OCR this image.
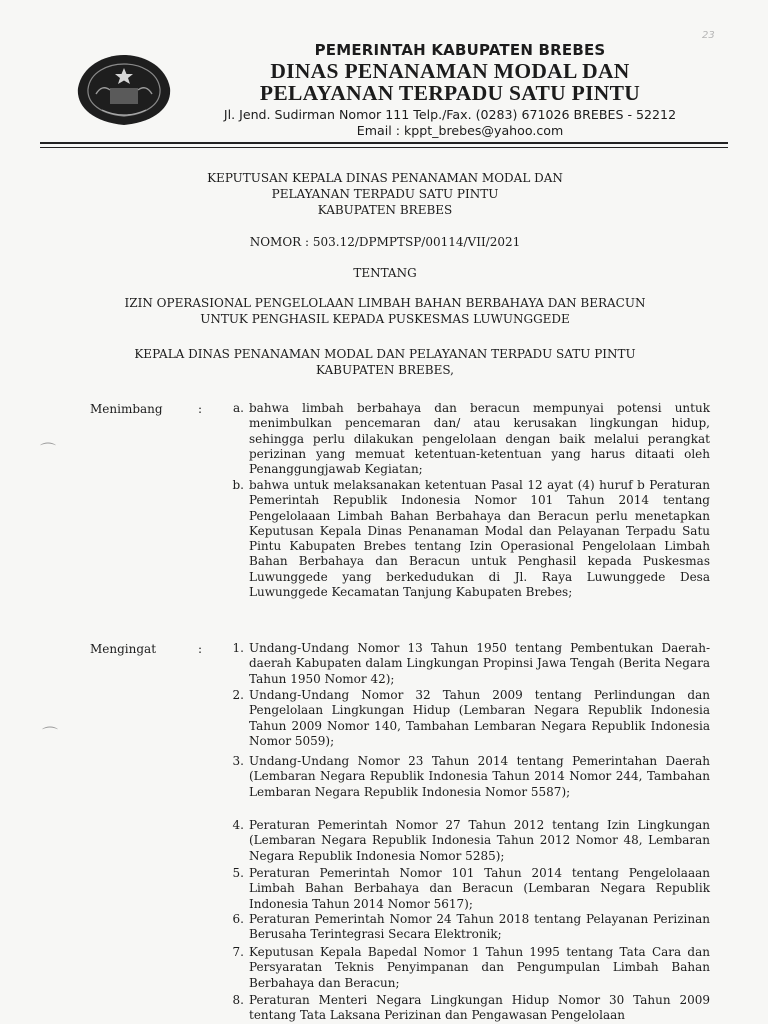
PEMERINTAH KABUPATEN BREBES
DINAS PENANAMAN MODAL DAN
PELAYANAN TERPADU SATU PINTU
Jl. Jend. Sudirman Nomor 111 Telp./Fax. (0283) 671026 BREBES - 52212
Email : kppt_brebes@yahoo.com
23
KEPUTUSAN KEPALA DINAS PENANAMAN MODAL DAN
PELAYANAN TERPADU SATU PINTU
KABUPATEN BREBES
NOMOR : 503.12/DPMPTSP/00114/VII/2021
TENTANG
IZIN OPERASIONAL PENGELOLAAN LIMBAH BAHAN BERBAHAYA DAN BERACUN
UNTUK PENGHASIL KEPADA PUSKESMAS LUWUNGGEDE
KEPALA DINAS PENANAMAN MODAL DAN PELAYANAN TERPADU SATU PINTU
KABUPATEN BREBES,
Menimbang	:	a. bahwa limbah berbahaya dan beracun mempunyai potensi untuk menimbulkan pencemaran dan/ atau kerusakan lingkungan hidup, sehingga perlu dilakukan pengelolaan dengan baik melalui perangkat perizinan yang memuat ketentuan-ketentuan yang harus ditaati oleh Penanggungjawab Kegiatan;
b. bahwa untuk melaksanakan ketentuan Pasal 12 ayat (4) huruf b Peraturan Pemerintah Republik Indonesia Nomor 101 Tahun 2014 tentang Pengelolaaan Limbah Bahan Berbahaya dan Beracun perlu menetapkan Keputusan Kepala Dinas Penanaman Modal dan Pelayanan Terpadu Satu Pintu Kabupaten Brebes tentang Izin Operasional Pengelolaan Limbah Bahan Berbahaya dan Beracun untuk Penghasil kepada Puskesmas Luwunggede yang berkedudukan di Jl. Raya Luwunggede Desa Luwunggede Kecamatan Tanjung Kabupaten Brebes;
Mengingat	:	1. Undang-Undang Nomor 13 Tahun 1950 tentang Pembentukan Daerah-daerah Kabupaten dalam Lingkungan Propinsi Jawa Tengah (Berita Negara Tahun 1950 Nomor 42);
2. Undang-Undang Nomor 32 Tahun 2009 tentang Perlindungan dan Pengelolaan Lingkungan Hidup (Lembaran Negara Republik Indonesia Tahun 2009 Nomor 140, Tambahan Lembaran Negara Republik Indonesia Nomor 5059);
3. Undang-Undang Nomor 23 Tahun 2014 tentang Pemerintahan Daerah (Lembaran Negara Republik Indonesia Tahun 2014 Nomor 244, Tambahan Lembaran Negara Republik Indonesia Nomor 5587);
4. Peraturan Pemerintah Nomor 27 Tahun 2012 tentang Izin Lingkungan (Lembaran Negara Republik Indonesia Tahun 2012 Nomor 48, Lembaran Negara Republik Indonesia Nomor 5285);
5. Peraturan Pemerintah Nomor 101 Tahun 2014 tentang Pengelolaaan Limbah Bahan Berbahaya dan Beracun (Lembaran Negara Republik Indonesia Tahun 2014 Nomor 5617);
6. Peraturan Pemerintah Nomor 24 Tahun 2018 tentang Pelayanan Perizinan Berusaha Terintegrasi Secara Elektronik;
7. Keputusan Kepala Bapedal Nomor 1 Tahun 1995 tentang Tata Cara dan Persyaratan Teknis Penyimpanan dan Pengumpulan Limbah Bahan Berbahaya dan Beracun;
8. Peraturan Menteri Negara Lingkungan Hidup Nomor 30 Tahun 2009 tentang Tata Laksana Perizinan dan Pengawasan Pengelolaan
⌒
⌒
